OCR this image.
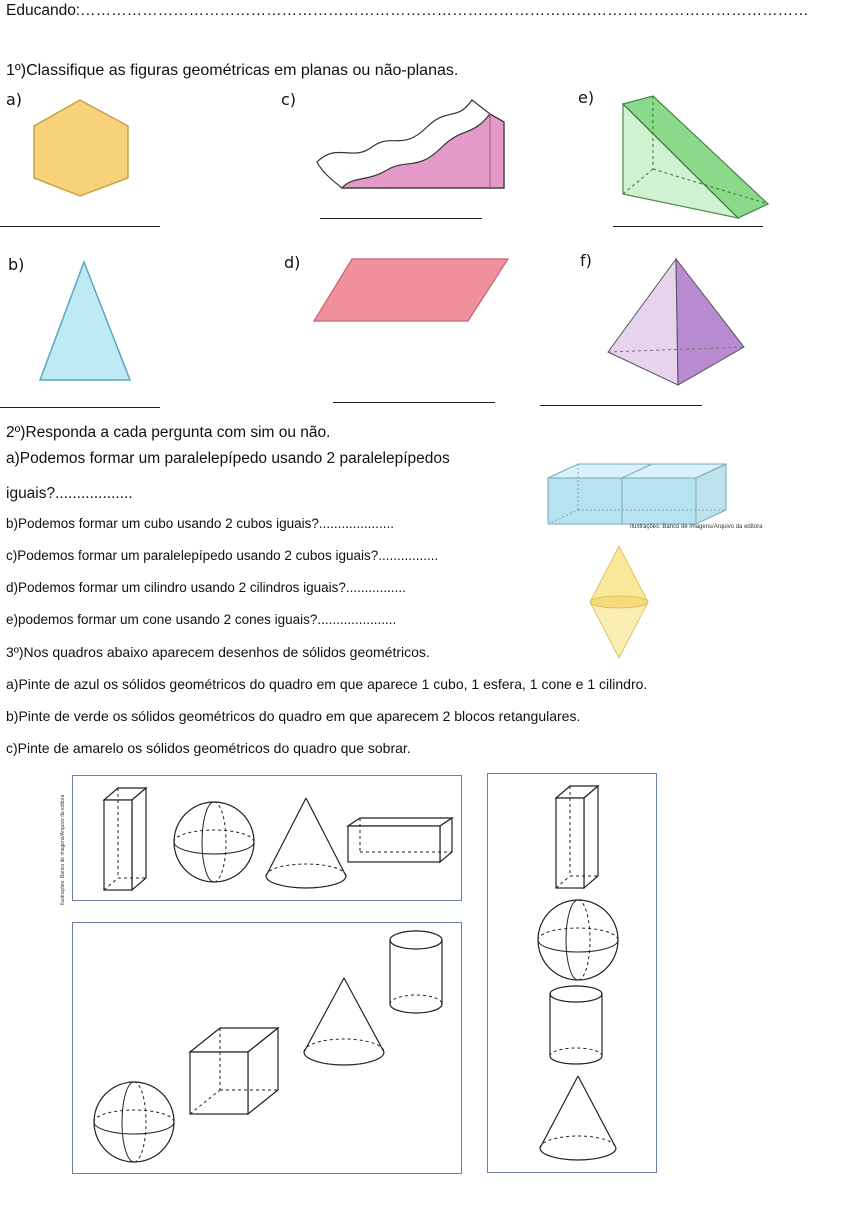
Educando:……………………………………………………………………………………………………………………………
1º)Classifique as figuras geométricas em planas ou não-planas.
a)	c)	e)
b)	d)	f)
2º)Responda a cada pergunta com sim ou não.
a)Podemos formar um paralelepípedo usando 2 paralelepípedos
iguais?..................
b)Podemos formar um cubo usando 2 cubos iguais?....................
c)Podemos formar um paralelepípedo usando 2 cubos iguais?................
d)Podemos formar um cilindro usando 2 cilindros iguais?................
e)podemos formar um cone usando 2 cones iguais?.....................
Ilustrações: Banco de imagens/Arquivo da editora
3º)Nos quadros abaixo aparecem desenhos de sólidos geométricos.
a)Pinte de azul os sólidos geométricos do quadro em que aparece 1 cubo, 1 esfera, 1 cone e 1 cilindro.
b)Pinte de verde os sólidos geométricos do quadro em que aparecem 2 blocos retangulares.
c)Pinte de amarelo os sólidos geométricos do quadro que sobrar.
Ilustrações: Banco de imagens/Arquivo da editora
